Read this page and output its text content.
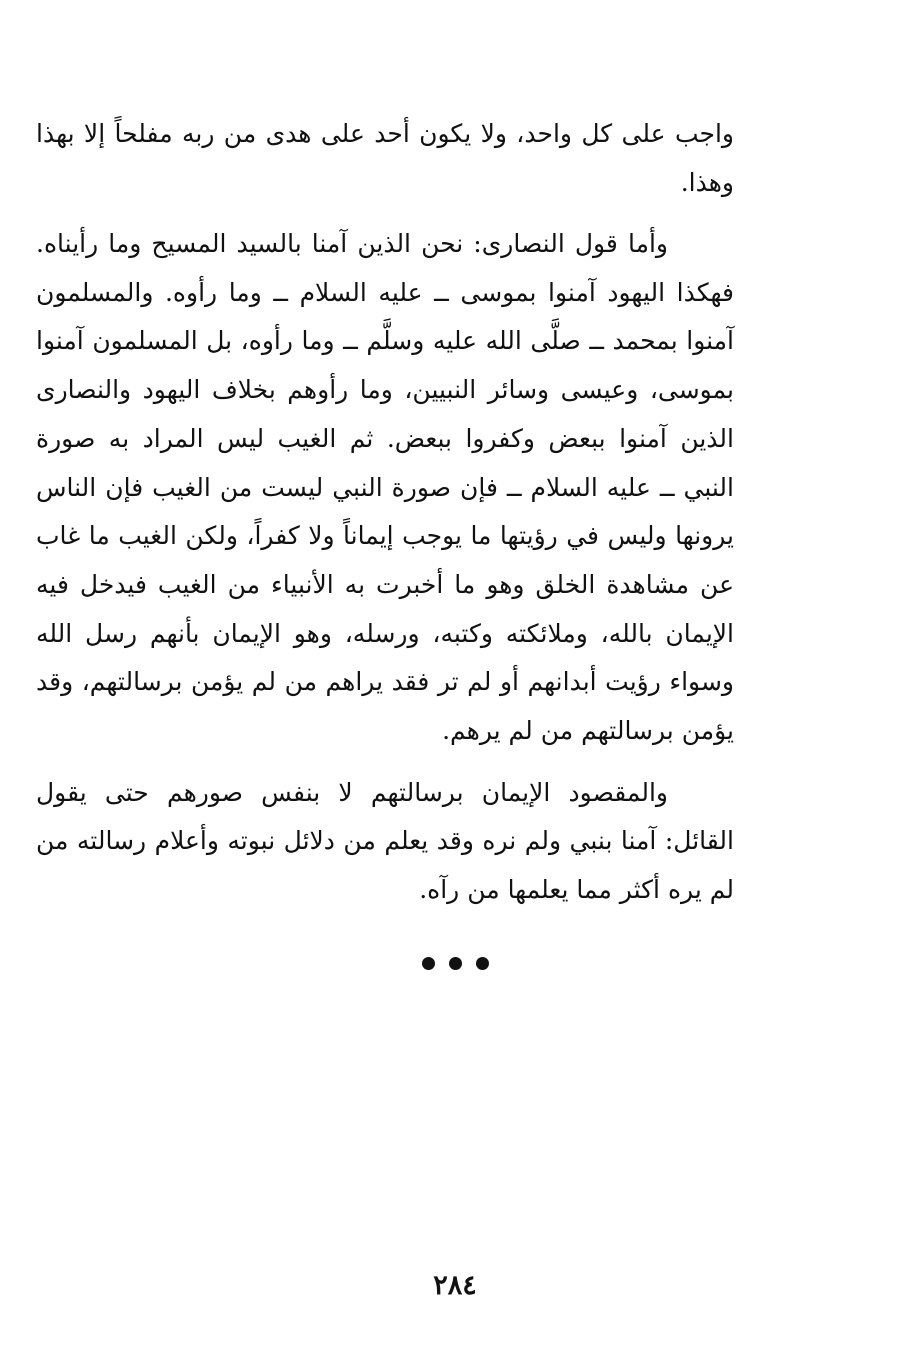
واجب على كل واحد، ولا يكون أحد على هدى من ربه مفلحاً إلا بهذا وهذا.

وأما قول النصارى: نحن الذين آمنا بالسيد المسيح وما رأيناه. فهكذا اليهود آمنوا بموسى ــ عليه السلام ــ وما رأوه. والمسلمون آمنوا بمحمد ــ صلَّى الله عليه وسلَّم ــ وما رأوه، بل المسلمون آمنوا بموسى، وعيسى وسائر النبيين، وما رأوهم بخلاف اليهود والنصارى الذين آمنوا ببعض وكفروا ببعض. ثم الغيب ليس المراد به صورة النبي ــ عليه السلام ــ فإن صورة النبي ليست من الغيب فإن الناس يرونها وليس في رؤيتها ما يوجب إيماناً ولا كفراً، ولكن الغيب ما غاب عن مشاهدة الخلق وهو ما أخبرت به الأنبياء من الغيب فيدخل فيه الإيمان بالله، وملائكته وكتبه، ورسله، وهو الإيمان بأنهم رسل الله وسواء رؤيت أبدانهم أو لم تر فقد يراهم من لم يؤمن برسالتهم، وقد يؤمن برسالتهم من لم يرهم.

والمقصود الإيمان برسالتهم لا بنفس صورهم حتى يقول القائل: آمنا بنبي ولم نره وقد يعلم من دلائل نبوته وأعلام رسالته من لم يره أكثر مما يعلمها من رآه.

٢٨٤
